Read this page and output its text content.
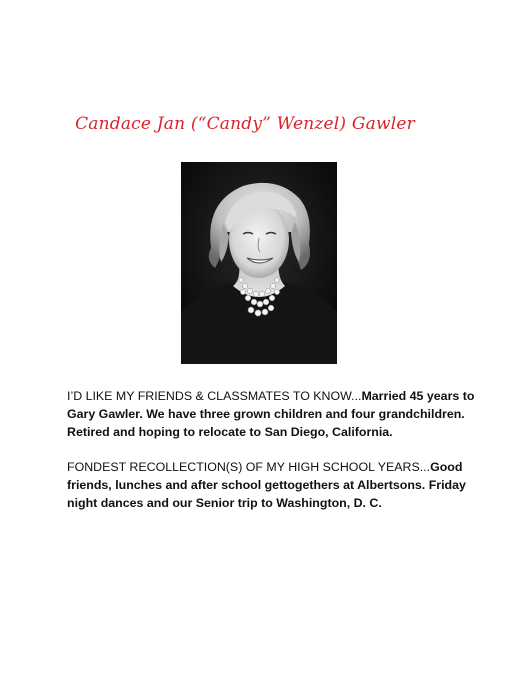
Candace Jan (“Candy” Wenzel) Gawler
I’D LIKE MY FRIENDS & CLASSMATES TO KNOW...Married 45 years to Gary Gawler. We have three grown children and four grandchildren. Retired and hoping to relocate to San Diego, California.
FONDEST RECOLLECTION(S) OF MY HIGH SCHOOL YEARS...Good friends, lunches and after school gettogethers at Albertsons. Friday night dances and our Senior trip to Washington, D. C.
